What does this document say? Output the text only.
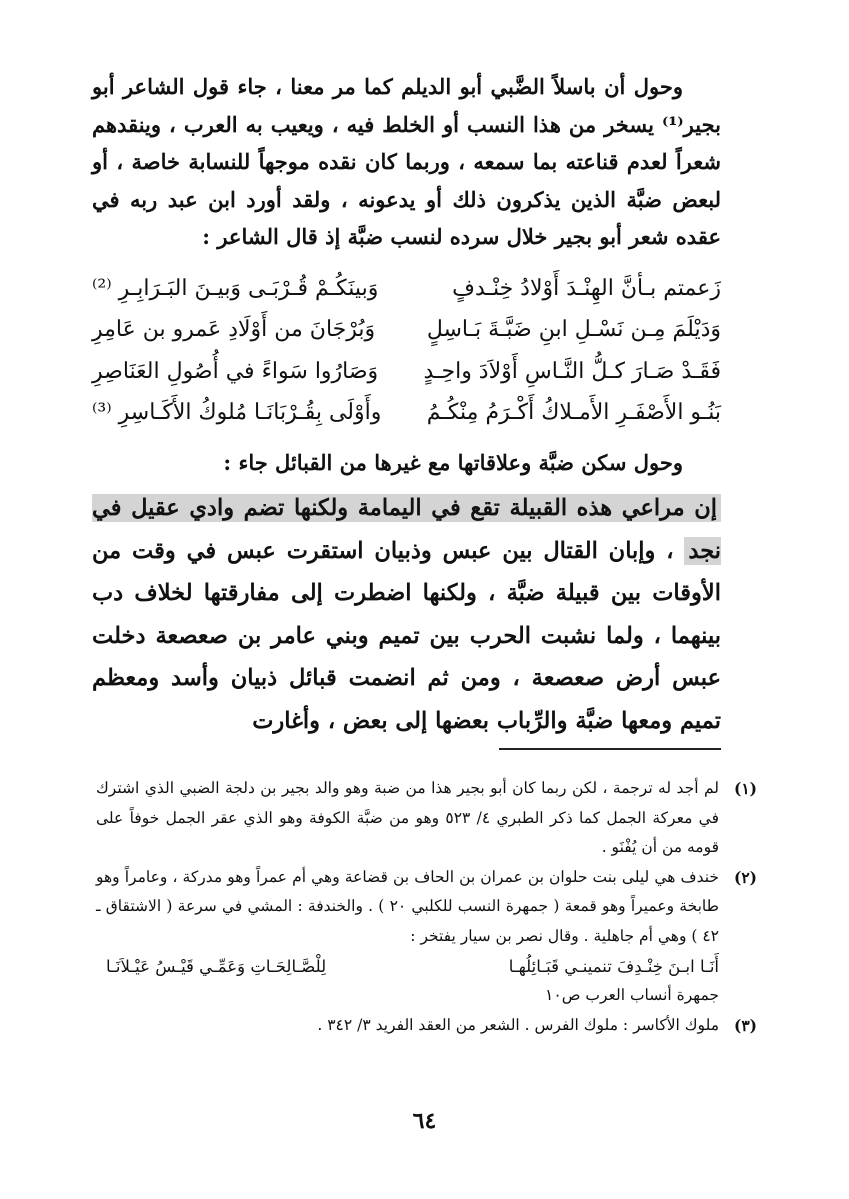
وحول أن باسلاً الضَّبي أبو الديلم كما مر معنا ، جاء قول الشاعر أبو بجير⁽¹⁾ يسخر من هذا النسب أو الخلط فيه ، ويعيب به العرب ، وينقدهم شعراً لعدم قناعته بما سمعه ، وربما كان نقده موجهاً للنسابة خاصة ، أو لبعض ضبَّة الذين يذكرون ذلك أو يدعونه ، ولقد أورد ابن عبد ربه في عقده شعر أبو بجير خلال سرده لنسب ضبَّة إذ قال الشاعر :

زَعمتم بـأنَّ الهِنْـدَ أَوْلادُ خِنْـدفٍ
وَبينَكُـمْ قُـرْبَـى وَبيـنَ البَـرَابِـرِ ⁽²⁾
وَدَيْلَمَ مِـن نَسْـلِ ابنِ ضَبَّـةَ بَـاسِلٍ
وَبُرْجَانَ من أَوْلَادِ عَمرو بن عَامِرِ
فَقَـدْ صَـارَ كـلُّ النَّـاسِ أَوْلاَدَ واحِـدٍ
وَصَارُوا سَواءً في أُصُولِ العَنَاصِرِ
بَنُـو الأَصْفَـرِ الأَمـلاكُ أَكْـرَمُ مِنْكُـمُ
وأَوْلَى بِقُـرْبَانَـا مُلوكُ الأَكَـاسِرِ ⁽³⁾

وحول سكن ضبَّة وعلاقاتها مع غيرها من القبائل جاء :

إن مراعي هذه القبيلة تقع في اليمامة ولكنها تضم وادي عقيل في نجد ، وإبان القتال بين عبس وذبيان استقرت عبس في وقت من الأوقات بين قبيلة ضبَّة ، ولكنها اضطرت إلى مفارقتها لخلاف دب بينهما ، ولما نشبت الحرب بين تميم وبني عامر بن صعصعة دخلت عبس أرض صعصعة ، ومن ثم انضمت قبائل ذبيان وأسد ومعظم تميم ومعها ضبَّة والرِّباب بعضها إلى بعض ، وأغارت

(١)

لم أجد له ترجمة ، لكن ربما كان أبو بجير هذا من ضبة وهو والد بجير بن دلجة الضبي الذي اشترك في معركة الجمل كما ذكر الطبري ٤/ ٥٢٣ وهو من ضبَّة الكوفة وهو الذي عقر الجمل خوفاً على قومه من أن يُفْنَو .

(٢)

خندف هي ليلى بنت حلوان بن عمران بن الحاف بن قضاعة وهي أم عمراً وهو مدركة ، وعامراً وهو طابخة وعميراً وهو قمعة ( جمهرة النسب للكلبي ٢٠ ) . والخندفة : المشي في سرعة ( الاشتقاق ـ ٤٢ ) وهي أم جاهلية . وقال نصر بن سيار يفتخر :

أَنَـا ابـنَ خِنْـدِفَ تنمينـي قَبَـائِلُهـا
لِلْصَّـالِحَـاتِ وَعَمِّـي قَيْـسُ عَيْـلاَنَـا

جمهرة أنساب العرب ص١٠

(٣)

ملوك الأكاسر : ملوك الفرس . الشعر من العقد الفريد ٣/ ٣٤٢ .

٦٤
